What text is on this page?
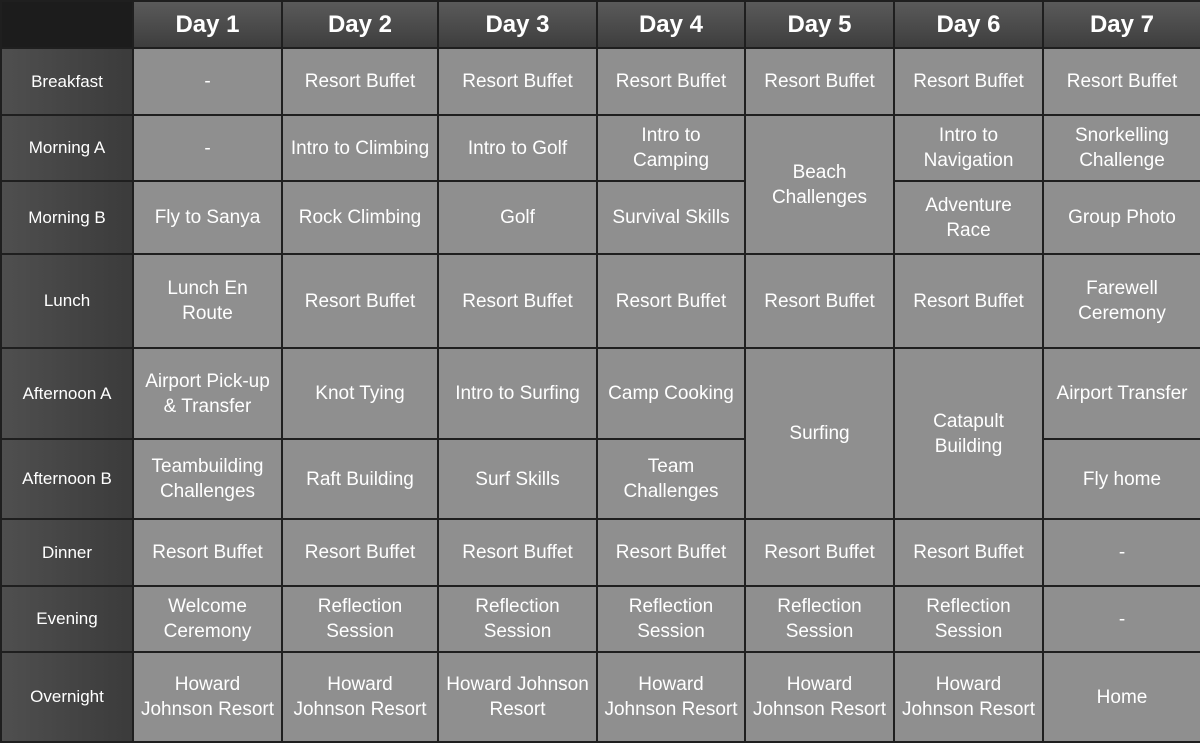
	Day 1	Day 2	Day 3	Day 4	Day 5	Day 6	Day 7
Breakfast	-	Resort Buffet	Resort Buffet	Resort Buffet	Resort Buffet	Resort Buffet	Resort Buffet
Morning A	-	Intro to Climbing	Intro to Golf	Intro to Camping	Beach Challenges	Intro to Navigation	Snorkelling Challenge
Morning B	Fly to Sanya	Rock Climbing	Golf	Survival Skills		Adventure Race	Group Photo
Lunch	Lunch En Route	Resort Buffet	Resort Buffet	Resort Buffet	Resort Buffet	Resort Buffet	Farewell Ceremony
Afternoon A	Airport Pick-up & Transfer	Knot Tying	Intro to Surfing	Camp Cooking	Surfing	Catapult Building	Airport Transfer
Afternoon B	Teambuilding Challenges	Raft Building	Surf Skills	Team Challenges			Fly home
Dinner	Resort Buffet	Resort Buffet	Resort Buffet	Resort Buffet	Resort Buffet	Resort Buffet	-
Evening	Welcome Ceremony	Reflection Session	Reflection Session	Reflection Session	Reflection Session	Reflection Session	-
Overnight	Howard Johnson Resort	Howard Johnson Resort	Howard Johnson Resort	Howard Johnson Resort	Howard Johnson Resort	Howard Johnson Resort	Home
